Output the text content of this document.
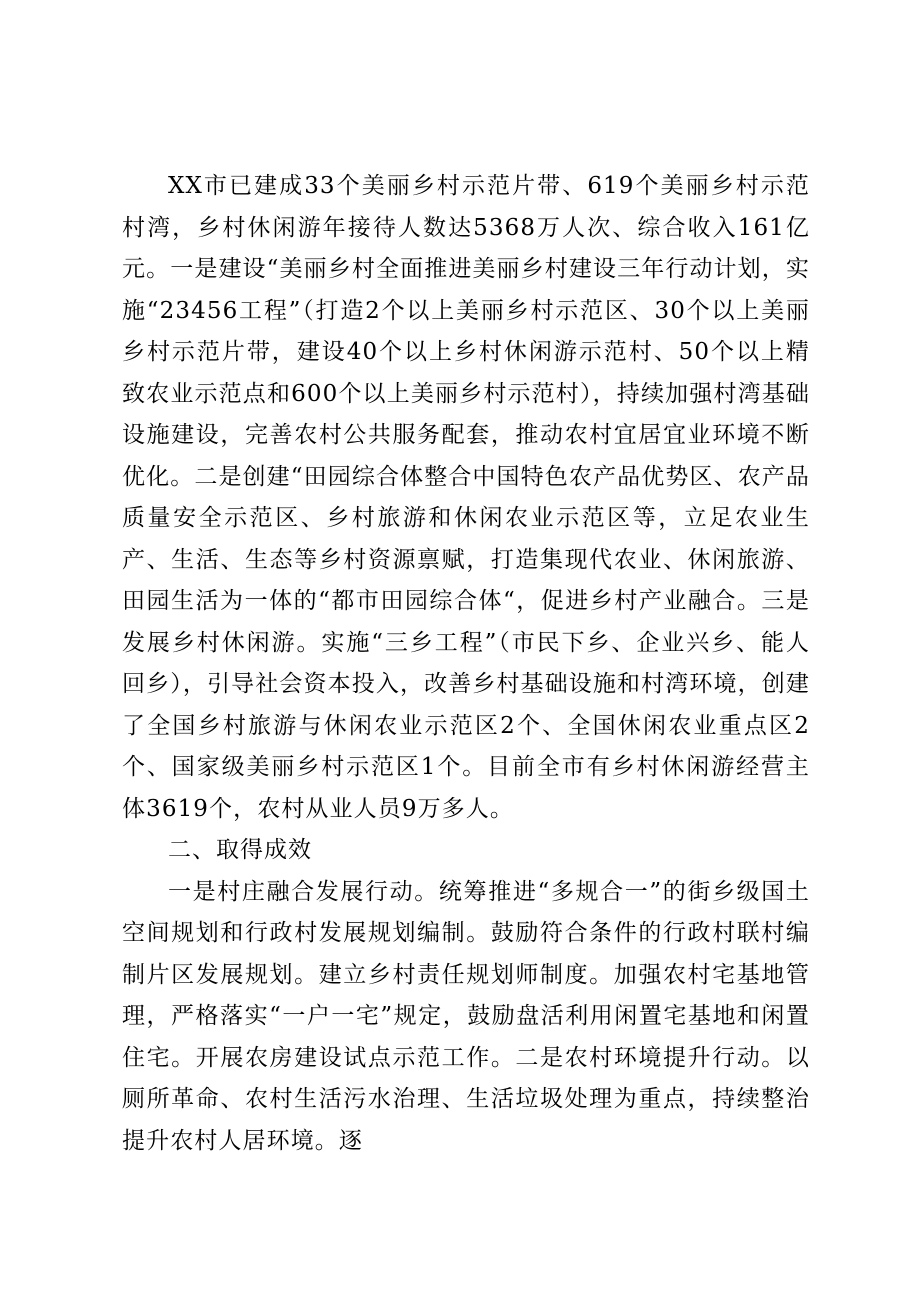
XX市已建成33个美丽乡村示范片带、619个美丽乡村示范村湾，乡村休闲游年接待人数达5368万人次、综合收入161亿元。一是建设“美丽乡村全面推进美丽乡村建设三年行动计划，实施“23456工程”（打造2个以上美丽乡村示范区、30个以上美丽乡村示范片带，建设40个以上乡村休闲游示范村、50个以上精致农业示范点和600个以上美丽乡村示范村），持续加强村湾基础设施建设，完善农村公共服务配套，推动农村宜居宜业环境不断优化。二是创建“田园综合体整合中国特色农产品优势区、农产品质量安全示范区、乡村旅游和休闲农业示范区等，立足农业生产、生活、生态等乡村资源禀赋，打造集现代农业、休闲旅游、田园生活为一体的“都市田园综合体“，促进乡村产业融合。三是发展乡村休闲游。实施“三乡工程”（市民下乡、企业兴乡、能人回乡），引导社会资本投入，改善乡村基础设施和村湾环境，创建了全国乡村旅游与休闲农业示范区2个、全国休闲农业重点区2个、国家级美丽乡村示范区1个。目前全市有乡村休闲游经营主体3619个，农村从业人员9万多人。

二、取得成效

一是村庄融合发展行动。统筹推进“多规合一”的街乡级国土空间规划和行政村发展规划编制。鼓励符合条件的行政村联村编制片区发展规划。建立乡村责任规划师制度。加强农村宅基地管理，严格落实“一户一宅”规定，鼓励盘活利用闲置宅基地和闲置住宅。开展农房建设试点示范工作。二是农村环境提升行动。以厕所革命、农村生活污水治理、生活垃圾处理为重点，持续整治提升农村人居环境。逐
